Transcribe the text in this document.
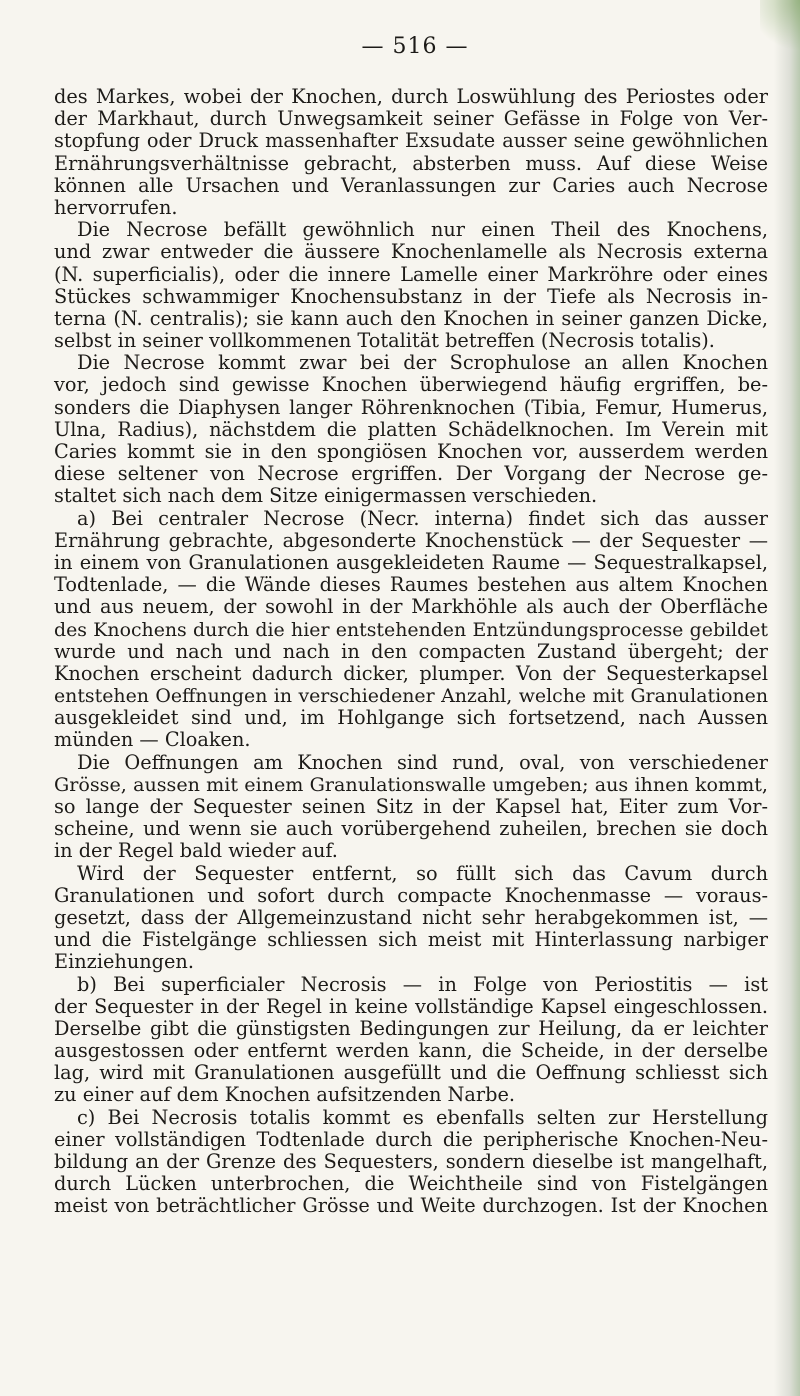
— 516 —

des Markes, wobei der Knochen, durch Loswühlung des Periostes oder
der Markhaut, durch Unwegsamkeit seiner Gefässe in Folge von Ver-
stopfung oder Druck massenhafter Exsudate ausser seine gewöhnlichen
Ernährungsverhältnisse gebracht, absterben muss. Auf diese Weise
können alle Ursachen und Veranlassungen zur Caries auch Necrose
hervorrufen.
Die Necrose befällt gewöhnlich nur einen Theil des Knochens,
und zwar entweder die äussere Knochenlamelle als Necrosis externa
(N. superficialis), oder die innere Lamelle einer Markröhre oder eines
Stückes schwammiger Knochensubstanz in der Tiefe als Necrosis in-
terna (N. centralis); sie kann auch den Knochen in seiner ganzen Dicke,
selbst in seiner vollkommenen Totalität betreffen (Necrosis totalis).
Die Necrose kommt zwar bei der Scrophulose an allen Knochen
vor, jedoch sind gewisse Knochen überwiegend häufig ergriffen, be-
sonders die Diaphysen langer Röhrenknochen (Tibia, Femur, Humerus,
Ulna, Radius), nächstdem die platten Schädelknochen. Im Verein mit
Caries kommt sie in den spongiösen Knochen vor, ausserdem werden
diese seltener von Necrose ergriffen. Der Vorgang der Necrose ge-
staltet sich nach dem Sitze einigermassen verschieden.
a) Bei centraler Necrose (Necr. interna) findet sich das ausser
Ernährung gebrachte, abgesonderte Knochenstück — der Sequester —
in einem von Granulationen ausgekleideten Raume — Sequestralkapsel,
Todtenlade, — die Wände dieses Raumes bestehen aus altem Knochen
und aus neuem, der sowohl in der Markhöhle als auch der Oberfläche
des Knochens durch die hier entstehenden Entzündungsprocesse gebildet
wurde und nach und nach in den compacten Zustand übergeht; der
Knochen erscheint dadurch dicker, plumper. Von der Sequesterkapsel
entstehen Oeffnungen in verschiedener Anzahl, welche mit Granulationen
ausgekleidet sind und, im Hohlgange sich fortsetzend, nach Aussen
münden — Cloaken.
Die Oeffnungen am Knochen sind rund, oval, von verschiedener
Grösse, aussen mit einem Granulationswalle umgeben; aus ihnen kommt,
so lange der Sequester seinen Sitz in der Kapsel hat, Eiter zum Vor-
scheine, und wenn sie auch vorübergehend zuheilen, brechen sie doch
in der Regel bald wieder auf.
Wird der Sequester entfernt, so füllt sich das Cavum durch
Granulationen und sofort durch compacte Knochenmasse — voraus-
gesetzt, dass der Allgemeinzustand nicht sehr herabgekommen ist, —
und die Fistelgänge schliessen sich meist mit Hinterlassung narbiger
Einziehungen.
b) Bei superficialer Necrosis — in Folge von Periostitis — ist
der Sequester in der Regel in keine vollständige Kapsel eingeschlossen.
Derselbe gibt die günstigsten Bedingungen zur Heilung, da er leichter
ausgestossen oder entfernt werden kann, die Scheide, in der derselbe
lag, wird mit Granulationen ausgefüllt und die Oeffnung schliesst sich
zu einer auf dem Knochen aufsitzenden Narbe.
c) Bei Necrosis totalis kommt es ebenfalls selten zur Herstellung
einer vollständigen Todtenlade durch die peripherische Knochen-Neu-
bildung an der Grenze des Sequesters, sondern dieselbe ist mangelhaft,
durch Lücken unterbrochen, die Weichtheile sind von Fistelgängen
meist von beträchtlicher Grösse und Weite durchzogen. Ist der Knochen
